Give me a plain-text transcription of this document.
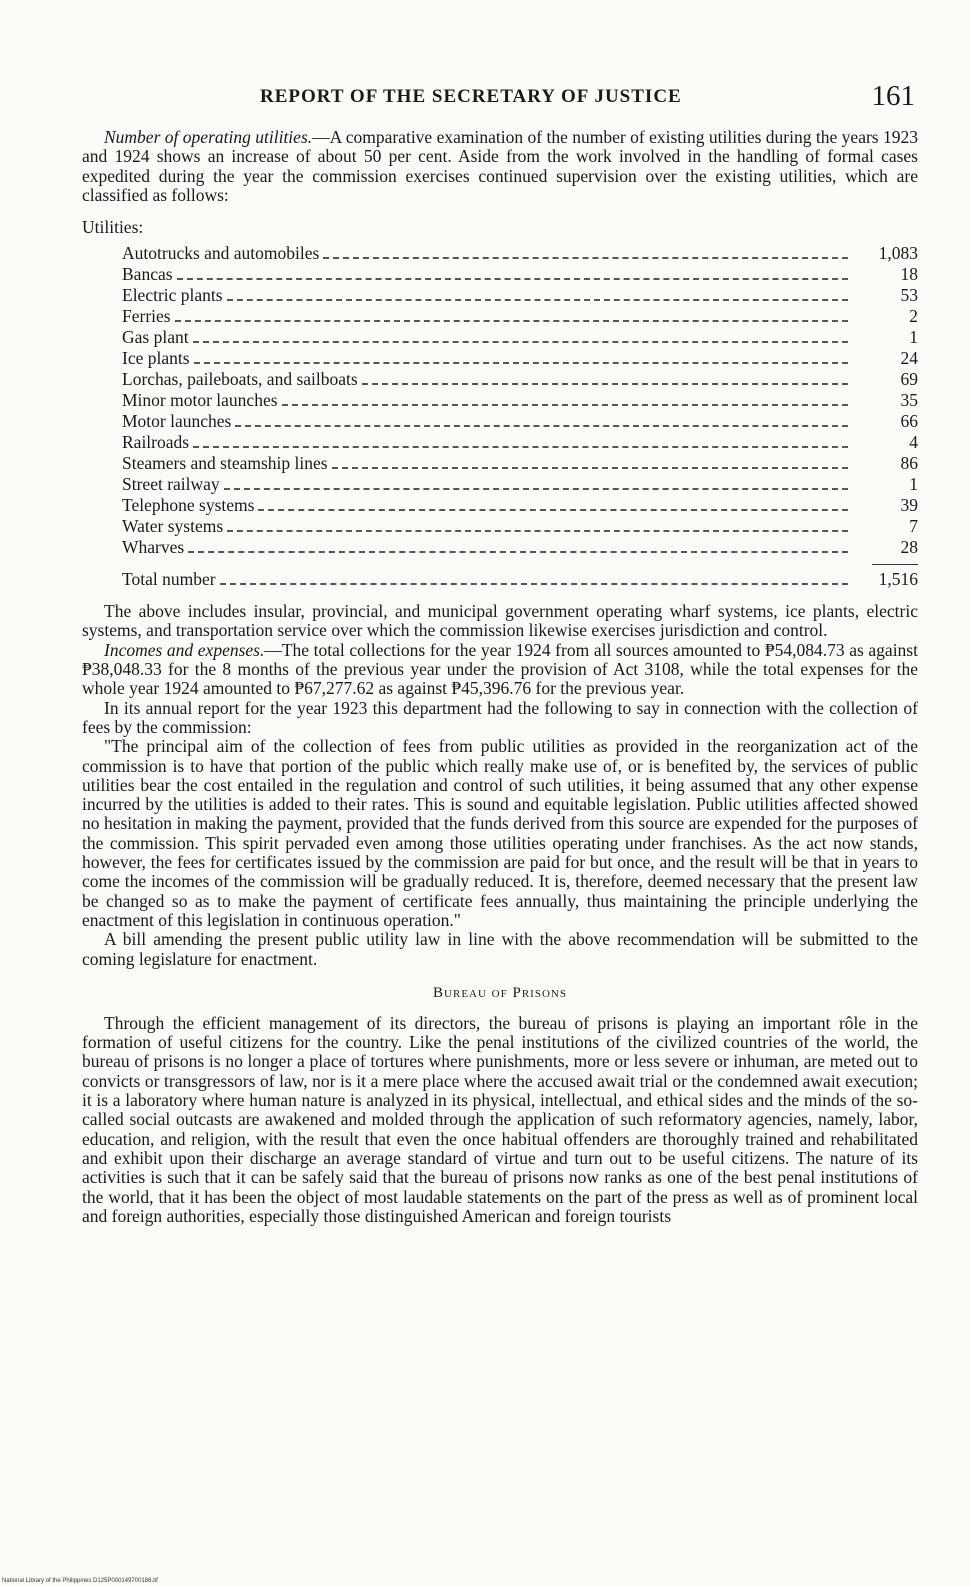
REPORT OF THE SECRETARY OF JUSTICE	161

Number of operating utilities.—A comparative examination of the number of existing utilities during the years 1923 and 1924 shows an increase of about 50 per cent. Aside from the work involved in the handling of formal cases expedited during the year the commission exercises continued supervision over the existing utilities, which are classified as follows:

Utilities:
Autotrucks and automobiles	1,083
Bancas	18
Electric plants	53
Ferries	2
Gas plant	1
Ice plants	24
Lorchas, paileboats, and sailboats	69
Minor motor launches	35
Motor launches	66
Railroads	4
Steamers and steamship lines	86
Street railway	1
Telephone systems	39
Water systems	7
Wharves	28
Total number	1,516

The above includes insular, provincial, and municipal government operating wharf systems, ice plants, electric systems, and transportation service over which the commission likewise exercises jurisdiction and control.

Incomes and expenses.—The total collections for the year 1924 from all sources amounted to ₱54,084.73 as against ₱38,048.33 for the 8 months of the previous year under the provision of Act 3108, while the total expenses for the whole year 1924 amounted to ₱67,277.62 as against ₱45,396.76 for the previous year.

In its annual report for the year 1923 this department had the following to say in connection with the collection of fees by the commission:

"The principal aim of the collection of fees from public utilities as provided in the reorganization act of the commission is to have that portion of the public which really make use of, or is benefited by, the services of public utilities bear the cost entailed in the regulation and control of such utilities, it being assumed that any other expense incurred by the utilities is added to their rates. This is sound and equitable legislation. Public utilities affected showed no hesitation in making the payment, provided that the funds derived from this source are expended for the purposes of the commission. This spirit pervaded even among those utilities operating under franchises. As the act now stands, however, the fees for certificates issued by the commission are paid for but once, and the result will be that in years to come the incomes of the commission will be gradually reduced. It is, therefore, deemed necessary that the present law be changed so as to make the payment of certificate fees annually, thus maintaining the principle underlying the enactment of this legislation in continuous operation."

A bill amending the present public utility law in line with the above recommendation will be submitted to the coming legislature for enactment.

Bureau of Prisons

Through the efficient management of its directors, the bureau of prisons is playing an important rôle in the formation of useful citizens for the country. Like the penal institutions of the civilized countries of the world, the bureau of prisons is no longer a place of tortures where punishments, more or less severe or inhuman, are meted out to convicts or transgressors of law, nor is it a mere place where the accused await trial or the condemned await execution; it is a laboratory where human nature is analyzed in its physical, intellectual, and ethical sides and the minds of the so-called social outcasts are awakened and molded through the application of such reformatory agencies, namely, labor, education, and religion, with the result that even the once habitual offenders are thoroughly trained and rehabilitated and exhibit upon their discharge an average standard of virtue and turn out to be useful citizens. The nature of its activities is such that it can be safely said that the bureau of prisons now ranks as one of the best penal institutions of the world, that it has been the object of most laudable statements on the part of the press as well as of prominent local and foreign authorities, especially those distinguished American and foreign tourists

National Library of the Philippines D125P000149700186.tif
